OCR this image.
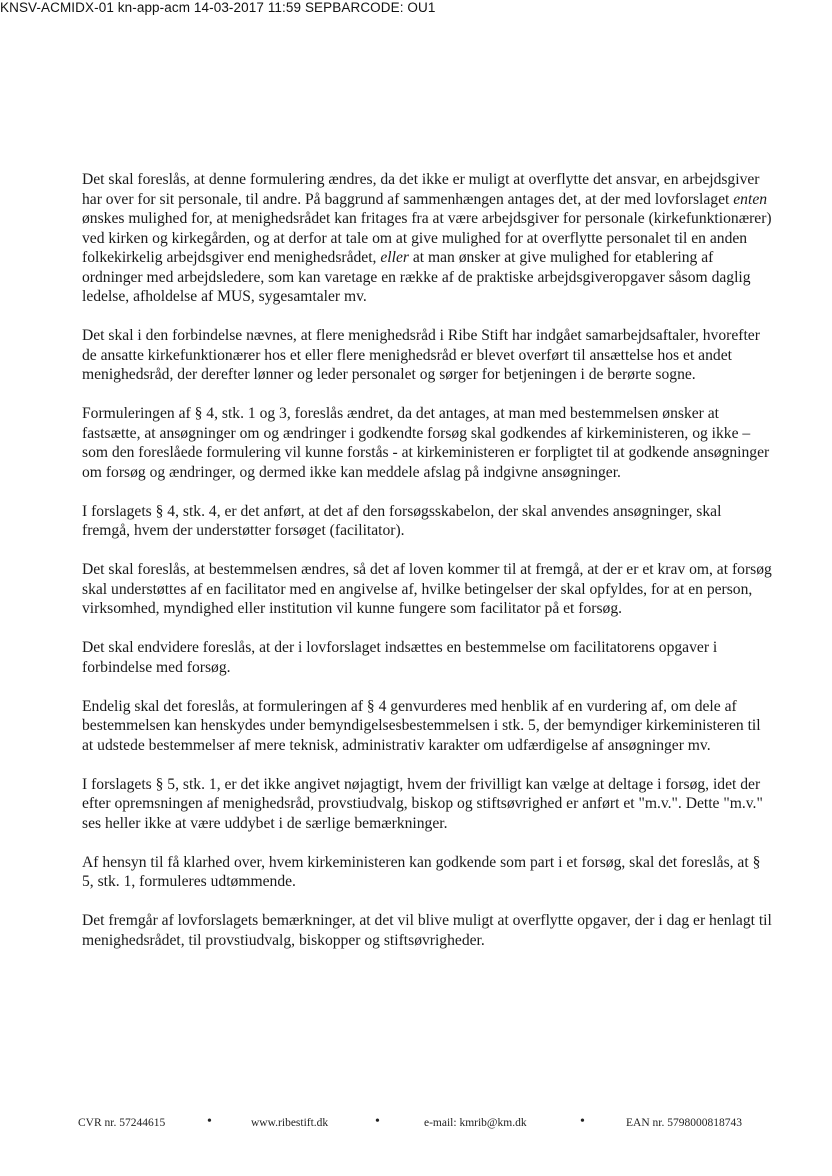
KNSV-ACMIDX-01 kn-app-acm 14-03-2017 11:59 SEPBARCODE: OU1

Det skal foreslås, at denne formulering ændres, da det ikke er muligt at overflytte det ansvar, en arbejdsgiver har over for sit personale, til andre. På baggrund af sammenhængen antages det, at der med lovforslaget enten ønskes mulighed for, at menighedsrådet kan fritages fra at være arbejdsgiver for personale (kirkefunktionærer) ved kirken og kirkegården, og at derfor at tale om at give mulighed for at overflytte personalet til en anden folkekirkelig arbejdsgiver end menighedsrådet, eller at man ønsker at give mulighed for etablering af ordninger med arbejdsledere, som kan varetage en række af de praktiske arbejdsgiveropgaver såsom daglig ledelse, afholdelse af MUS, sygesamtaler mv.

Det skal i den forbindelse nævnes, at flere menighedsråd i Ribe Stift har indgået samarbejdsaftaler, hvorefter de ansatte kirkefunktionærer hos et eller flere menighedsråd er blevet overført til ansættelse hos et andet menighedsråd, der derefter lønner og leder personalet og sørger for betjeningen i de berørte sogne.

Formuleringen af § 4, stk. 1 og 3, foreslås ændret, da det antages, at man med bestemmelsen ønsker at fastsætte, at ansøgninger om og ændringer i godkendte forsøg skal godkendes af kirkeministeren, og ikke – som den foreslåede formulering vil kunne forstås - at kirkeministeren er forpligtet til at godkende ansøgninger om forsøg og ændringer, og dermed ikke kan meddele afslag på indgivne ansøgninger.

I forslagets § 4, stk. 4, er det anført, at det af den forsøgsskabelon, der skal anvendes ansøgninger, skal fremgå, hvem der understøtter forsøget (facilitator).

Det skal foreslås, at bestemmelsen ændres, så det af loven kommer til at fremgå, at der er et krav om, at forsøg skal understøttes af en facilitator med en angivelse af, hvilke betingelser der skal opfyldes, for at en person, virksomhed, myndighed eller institution vil kunne fungere som facilitator på et forsøg.

Det skal endvidere foreslås, at der i lovforslaget indsættes en bestemmelse om facilitatorens opgaver i forbindelse med forsøg.

Endelig skal det foreslås, at formuleringen af § 4 genvurderes med henblik af en vurdering af, om dele af bestemmelsen kan henskydes under bemyndigelsesbestemmelsen i stk. 5, der bemyndiger kirkeministeren til at udstede bestemmelser af mere teknisk, administrativ karakter om udfærdigelse af ansøgninger mv.

I forslagets § 5, stk. 1, er det ikke angivet nøjagtigt, hvem der frivilligt kan vælge at deltage i forsøg, idet der efter opremsningen af menighedsråd, provstiudvalg, biskop og stiftsøvrighed er anført et "m.v.". Dette "m.v." ses heller ikke at være uddybet i de særlige bemærkninger.

Af hensyn til få klarhed over, hvem kirkeministeren kan godkende som part i et forsøg, skal det foreslås, at § 5, stk. 1, formuleres udtømmende.

Det fremgår af lovforslagets bemærkninger, at det vil blive muligt at overflytte opgaver, der i dag er henlagt til menighedsrådet, til provstiudvalg, biskopper og stiftsøvrigheder.

CVR nr. 57244615	•	www.ribestift.dk	•	e-mail: kmrib@km.dk	•	EAN nr. 5798000818743
